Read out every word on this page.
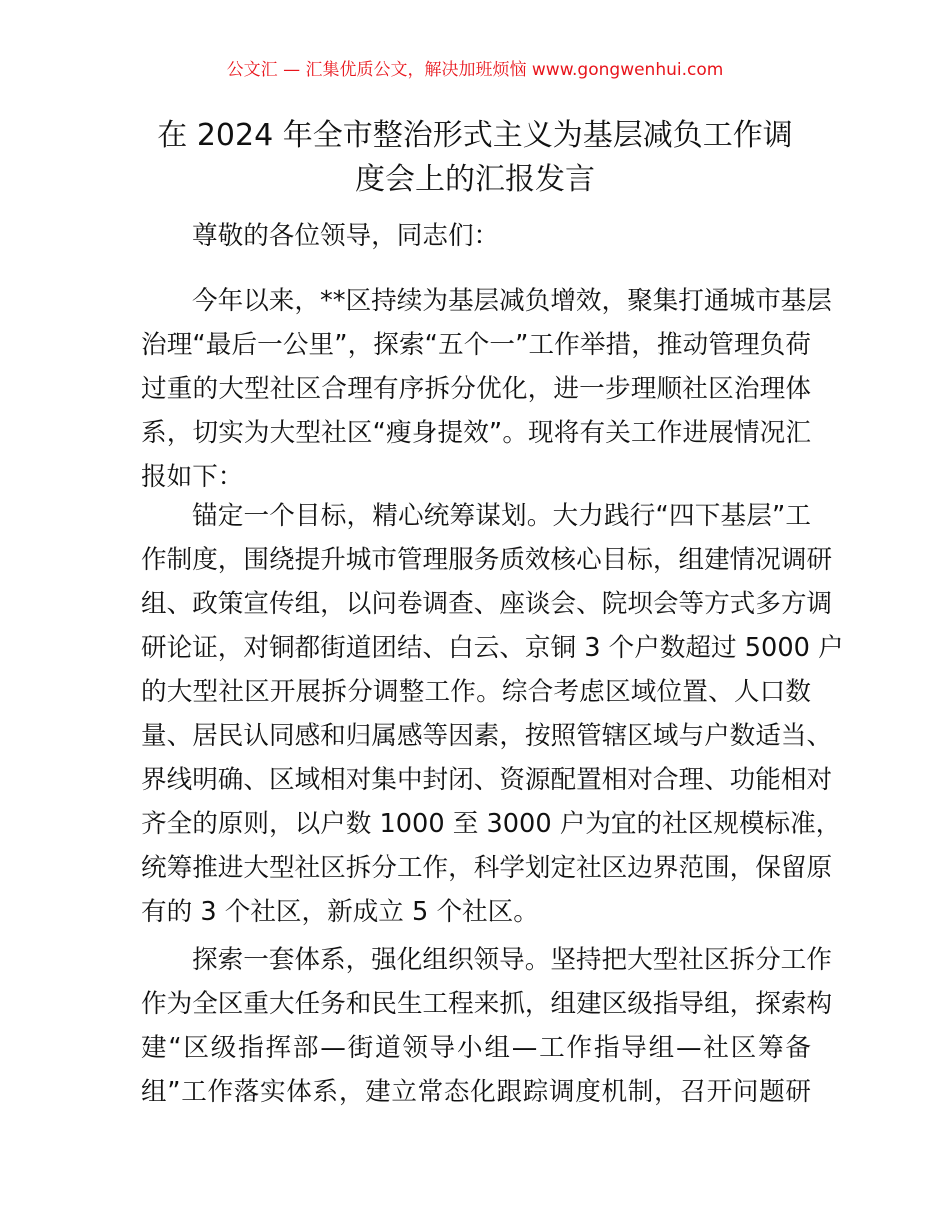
公文汇 — 汇集优质公文，解决加班烦恼 www.gongwenhui.com
在 2024 年全市整治形式主义为基层减负工作调
度会上的汇报发言
尊敬的各位领导，同志们：
今年以来，**区持续为基层减负增效，聚集打通城市基层
治理“最后一公里”，探索“五个一”工作举措，推动管理负荷
过重的大型社区合理有序拆分优化，进一步理顺社区治理体
系，切实为大型社区“瘦身提效”。现将有关工作进展情况汇
报如下：
锚定一个目标，精心统筹谋划。大力践行“四下基层”工
作制度，围绕提升城市管理服务质效核心目标，组建情况调研
组、政策宣传组，以问卷调查、座谈会、院坝会等方式多方调
研论证，对铜都街道团结、白云、京铜 3 个户数超过 5000 户
的大型社区开展拆分调整工作。综合考虑区域位置、人口数
量、居民认同感和归属感等因素，按照管辖区域与户数适当、
界线明确、区域相对集中封闭、资源配置相对合理、功能相对
齐全的原则，以户数 1000 至 3000 户为宜的社区规模标准，
统筹推进大型社区拆分工作，科学划定社区边界范围，保留原
有的 3 个社区，新成立 5 个社区。
探索一套体系，强化组织领导。坚持把大型社区拆分工作
作为全区重大任务和民生工程来抓，组建区级指导组，探索构
建“区级指挥部—街道领导小组—工作指导组—社区筹备
组”工作落实体系，建立常态化跟踪调度机制，召开问题研
